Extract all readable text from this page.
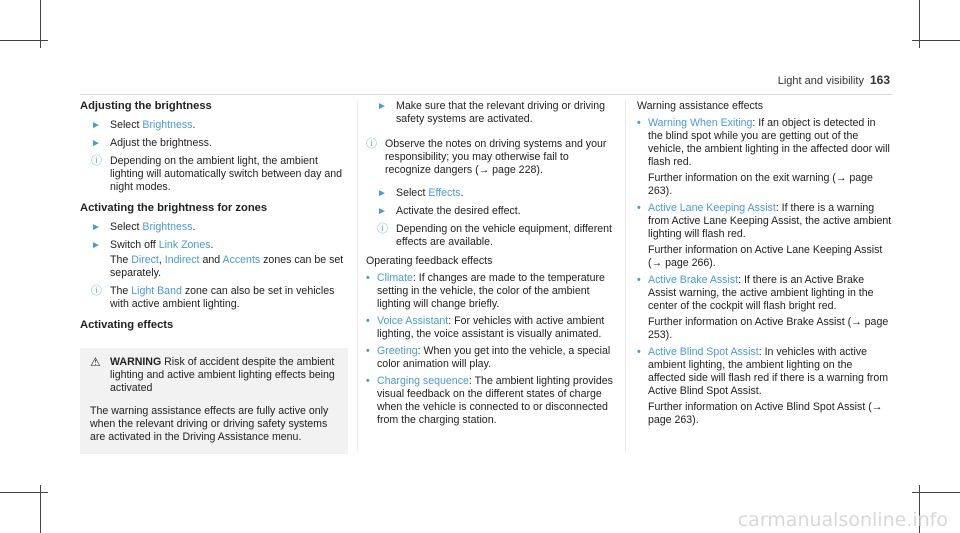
Light and visibility 163
Adjusting the brightness
► Select Brightness.
► Adjust the brightness.
ⓘ Depending on the ambient light, the ambient lighting will automatically switch between day and night modes.
Activating the brightness for zones
► Select Brightness.
► Switch off Link Zones.
The Direct, Indirect and Accents zones can be set separately.
ⓘ The Light Band zone can also be set in vehicles with active ambient lighting.
Activating effects
⚠ WARNING Risk of accident despite the ambient lighting and active ambient lighting effects being activated
The warning assistance effects are fully active only when the relevant driving or driving safety systems are activated in the Driving Assistance menu.
► Make sure that the relevant driving or driving safety systems are activated.
ⓘ Observe the notes on driving systems and your responsibility; you may otherwise fail to recognize dangers (→ page 228).
► Select Effects.
► Activate the desired effect.
ⓘ Depending on the vehicle equipment, different effects are available.
Operating feedback effects
• Climate: If changes are made to the temperature setting in the vehicle, the color of the ambient lighting will change briefly.
• Voice Assistant: For vehicles with active ambient lighting, the voice assistant is visually animated.
• Greeting: When you get into the vehicle, a special color animation will play.
• Charging sequence: The ambient lighting provides visual feedback on the different states of charge when the vehicle is connected to or disconnected from the charging station.
Warning assistance effects
• Warning When Exiting: If an object is detected in the blind spot while you are getting out of the vehicle, the ambient lighting in the affected door will flash red.
Further information on the exit warning (→ page 263).
• Active Lane Keeping Assist: If there is a warning from Active Lane Keeping Assist, the active ambient lighting will flash red.
Further information on Active Lane Keeping Assist (→ page 266).
• Active Brake Assist: If there is an Active Brake Assist warning, the active ambient lighting in the center of the cockpit will flash bright red.
Further information on Active Brake Assist (→ page 253).
• Active Blind Spot Assist: In vehicles with active ambient lighting, the ambient lighting on the affected side will flash red if there is a warning from Active Blind Spot Assist.
Further information on Active Blind Spot Assist (→ page 263).
carmanualsonline.info
